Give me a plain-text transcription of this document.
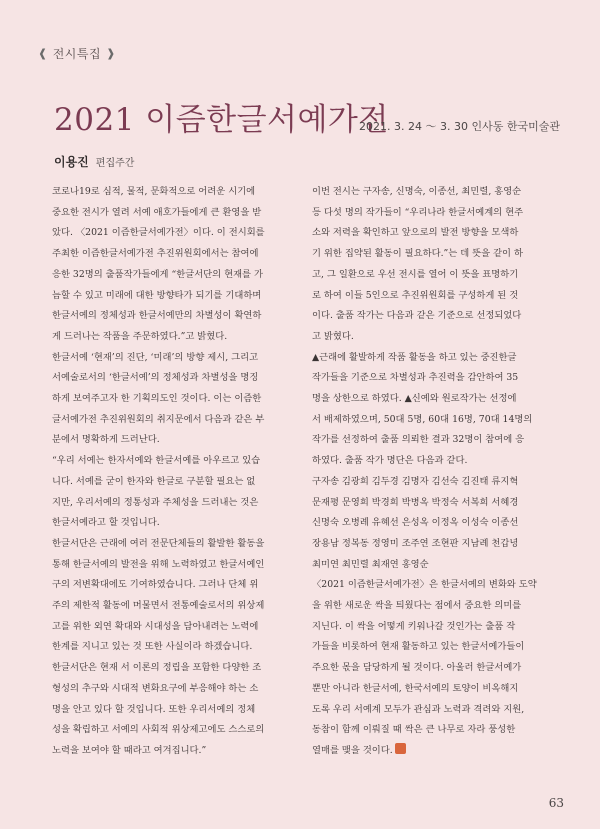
❰ 전시특집 ❱
2021 이즘한글서예가전
2021. 3. 24 ～ 3. 30 인사동 한국미술관
이용진 편집주간

코로나19로 심적, 물적, 문화적으로 어려운 시기에
중요한 전시가 열려 서예 애호가들에게 큰 환영을 받
았다. 〈2021 이즘한글서예가전〉이다. 이 전시회를
주최한 이즘한글서예가전 추진위원회에서는 참여에
응한 32명의 출품작가들에게 “한글서단의 현재를 가
늠할 수 있고 미래에 대한 방향타가 되기를 기대하며
한글서예의 정체성과 한글서예만의 차별성이 확연하
게 드러나는 작품을 주문하였다.”고 밝혔다.

한글서예 ‘현재’의 진단, ‘미래’의 방향 제시, 그리고
서예술로서의 ‘한글서예’의 정체성과 차별성을 명징
하게 보여주고자 한 기획의도인 것이다. 이는 이즘한
글서예가전 추진위원회의 취지문에서 다음과 같은 부
분에서 명확하게 드러난다.

“우리 서예는 한자서예와 한글서예를 아우르고 있습
니다. 서예를 굳이 한자와 한글로 구분할 필요는 없
지만, 우리서예의 정통성과 주체성을 드러내는 것은
한글서예라고 할 것입니다.

한글서단은 근래에 여러 전문단체들의 활발한 활동을
통해 한글서예의 발전을 위해 노력하였고 한글서예인
구의 저변확대에도 기여하였습니다. 그러나 단체 위
주의 제한적 활동에 머물면서 전통예술로서의 위상제
고를 위한 외연 확대와 시대성을 담아내려는 노력에
한계를 지니고 있는 것 또한 사실이라 하겠습니다.

한글서단은 현재 서 이론의 정립을 포함한 다양한 조
형성의 추구와 시대적 변화요구에 부응해야 하는 소
명을 안고 있다 할 것입니다. 또한 우리서예의 정체
성을 확립하고 서예의 사회적 위상제고에도 스스로의
노력을 보여야 할 때라고 여겨집니다.”

이번 전시는 구자송, 신명숙, 이종선, 최민렬, 홍영순
등 다섯 명의 작가들이 “우리나라 한글서예계의 현주
소와 저력을 확인하고 앞으로의 발전 방향을 모색하
기 위한 집약된 활동이 필요하다.”는 데 뜻을 같이 하
고, 그 일환으로 우선 전시를 열어 이 뜻을 표명하기
로 하여 이들 5인으로 추진위원회를 구성하게 된 것
이다. 출품 작가는 다음과 같은 기준으로 선정되었다
고 밝혔다.

▲근래에 활발하게 작품 활동을 하고 있는 중진한글
작가들을 기준으로 차별성과 추진력을 감안하여 35
명을 상한으로 하였다. ▲신예와 원로작가는 선정에
서 배제하였으며, 50대 5명, 60대 16명, 70대 14명의
작가를 선정하여 출품 의뢰한 결과 32명이 참여에 응
하였다. 출품 작가 명단은 다음과 같다.

구자송 김광희 김두경 김명자 김선숙 김진태 류지혁
문재평 문영희 박경희 박병옥 박정숙 서복희 서혜경
신명숙 오병례 유혜선 은성옥 이정옥 이성숙 이종선
장용남 정복동 정영미 조주연 조현판 지남례 천갑녕
최미연 최민렬 최재연 홍영순

〈2021 이즘한글서예가전〉은 한글서예의 변화와 도약
을 위한 새로운 싹을 틔웠다는 점에서 중요한 의미를
지닌다. 이 싹을 어떻게 키워나갈 것인가는 출품 작
가들을 비롯하여 현재 활동하고 있는 한글서예가들이
주요한 몫을 담당하게 될 것이다. 아울러 한글서예가
뿐만 아니라 한글서예, 한국서예의 토양이 비옥해지
도록 우리 서예계 모두가 관심과 노력과 격려와 지원,
동참이 함께 이뤄질 때 싹은 큰 나무로 자라 풍성한
열매를 맺을 것이다.

63
